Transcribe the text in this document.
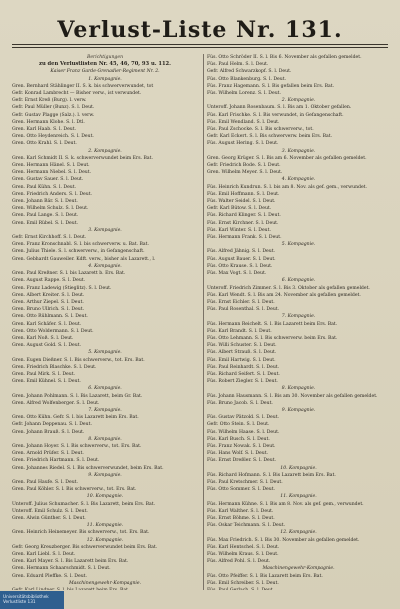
Verlust-Liste Nr. 131.
Berichtigungen
zu den Verlustlisten Nr. 45, 46, 70, 93 u. 112.
Kaiser Franz Garde-Grenadier-Regiment Nr. 2.
1. Kompagnie.
Gren. Bernhard Stählinger II. S. k. bis schwerverwundet, tot
Gefr. Konrad Lambrecht — Bisher verw., ist verwundet.
Gefr. Ernst Kreß (Burg). l. verw.
Gefr. Paul Müller (Bunz). S. l. Deut.
Gefr. Gustav Plagge (Salz.). l. verw.
Gren. Hermann Klohe. S. l. Dtl.
Gren. Karl Haab. S. l. Deut.
Gren. Otto Heydenreich. S. l. Deut.
Gren. Otto Krahl. S. l. Deut.
2. Kompagnie.
Gren. Karl Schmidt II. S. k. schwerverwundet beim Ers. Bat.
Gren. Hermann Hänel. S. l. Deut.
Gren. Hermann Niebel. S. l. Deut.
Gren. Gustav Sauer. S. l. Deut.
Gren. Paul Kühn. S. l. Deut.
Gren. Friedrich Anders. S. l. Deut.
Gren. Johann Bär. S. l. Deut.
Gren. Wilhelm Schulz. S. l. Deut.
Gren. Paul Lange. S. l. Deut.
Gren. Emil Rübel. S. l. Deut.
3. Kompagnie.
Gefr. Ernst Kirchhoff. S. l. Deut.
Gren. Franz Kronschnabl. S. l. bis schwerverw. u. Bat. Bat.
Gren. Julius Thiele. S. l. schwerverw., in Gefangenschaft.
Gren. Gebhardt Gauweiler. Kdft. verw., bisher als Lazarett., l.
4. Kompagnie.
Gren. Paul Kreßner. S. l. bis Lazarett b. Ers. Bat.
Gren. August Rappe. S. l. Deut.
Gren. Franz Ladewig (Stieglitz). S. l. Deut.
Gren. Albert Kreiter. S. l. Deut.
Gren. Arthur Ziepel. S. l. Deut.
Gren. Bruno Ullrich. S. l. Deut.
Gren. Otto Rühlmann. S. l. Deut.
Gren. Karl Schäfer. S. l. Deut.
Gren. Otto Woldermann. S. l. Deut.
Gren. Karl Noß. S. l. Deut.
Gren. August Gold. S. l. Deut.
5. Kompagnie.
Gren. Eugen Dießner. S. l. Bis schwerverw., tot. Ers. Bat.
Gren. Friedrich Blaschke. S. l. Deut.
Gren. Paul Mirk. S. l. Deut.
Gren. Emil Kühnel. S. l. Deut.
6. Kompagnie.
Gren. Johann Pohlmann. S. l. Bis Lazarett, beim Gr. Bat.
Gren. Alfred Wolfenberger. S. l. Deut.
7. Kompagnie.
Gren. Otto Kühn. Gefr. S. l. bis Lazarett beim Ers. Bat.
Gefr. Johann Deppenau. S. l. Deut.
Gren. Johann Brauß. S. l. Deut.
8. Kompagnie.
Gren. Johann Hoyer. S. l. Bis schwerverw., tot. Ers. Bat.
Gren. Arnold Prüfer. S. l. Deut.
Gren. Friedrich Hartmann. S. l. Deut.
Gren. Johannes Riedel. S. l. Bis schwerverwundet, beim Ers. Bat.
9. Kompagnie.
Gren. Paul Haufe. S. l. Deut.
Gren. Paul Köhler. S. l. Bis schwerverw., tot. Ers. Bat.
10. Kompagnie.
Unteroff. Julius Schumacher. S. l. Bis Lazarett, beim Ers. Bat.
Unteroff. Emil Schulz. S. l. Deut.
Gren. Alwin Günther. S. l. Deut.
11. Kompagnie.
Gren. Heinrich Heinemeyer. Bis schwerverw., tot. Ers. Bat.
12. Kompagnie.
Gefr. Georg Kreuzberger. Bis schwerverwundet beim Ers. Bat.
Gren. Karl Liebl. S. l. Deut.
Gren. Karl Mayer. S. l. Bis Lazarett beim Ers. Bat.
Gren. Hermann Schaarschmidt. S. l. Deut.
Gren. Eduard Pleffke. S. l. Deut.
Maschinengewehr-Kompagnie.
Füs. Otto Schröder II. S. l. Bis 6. November als gefallen gemeldet.
Füs. Paul Helm. S. l. Deut.
Gefr. Alfred Schwarzkopf. S. l. Deut.
Füs. Otto Blankenburg. S. l. Deut.
Füs. Franz Hagemann. S. l. Bis gefallen beim Ers. Bat.
Füs. Wilhelm Lorenz. S. l. Deut.
2. Kompagnie.
Unteroff. Johann Rosenbaum. S. l. Bis am 1. Oktober gefallen.
Füs. Karl Frischke. S. l. Bis verwundet, in Gefangenschaft.
Füs. Emil Wendland. S. l. Deut.
Füs. Paul Zschocke. S. l. Bis schwerverw., tot.
Gefr. Karl Eckert. S. l. Bis schwerverw. beim Ers. Bat.
Füs. August Hering. S. l. Deut.
3. Kompagnie.
Gren. Georg Krüger. S. l. Bis am 6. November als gefallen gemeldet.
Gefr. Friedrich Bode. S. l. Deut.
Gren. Wilhelm Meyer. S. l. Deut.
4. Kompagnie.
Füs. Heinrich Kundrun. S. l. bis am 8. Nov. als gef. gem., verwundet.
Füs. Emil Hoffmann. S. l. Deut.
Füs. Walter Seidel. S. l. Deut.
Gefr. Karl Bütow. S. l. Deut.
Füs. Richard Klinger. S. l. Deut.
Füs. Ernst Kirchner. S. l. Deut.
Füs. Karl Winter. S. l. Deut.
Füs. Hermann Frank. S. l. Deut.
5. Kompagnie.
Füs. Alfred Jähnig. S. l. Deut.
Füs. August Bauer. S. l. Deut.
Füs. Otto Krause. S. l. Deut.
Füs. Max Vogt. S. l. Deut.
6. Kompagnie.
Unteroff. Friedrich Zimmer. S. l. Bis 3. Oktober als gefallen gemeldet.
Füs. Karl Wendt. S. l. Bis am 24. November als gefallen gemeldet.
Füs. Ernst Eichler. S. l. Deut.
Füs. Paul Rosenthal. S. l. Deut.
7. Kompagnie.
Füs. Hermann Reichelt. S. l. Bis Lazarett beim Ers. Bat.
Füs. Karl Brandt. S. l. Deut.
Füs. Otto Lehmann. S. l. Bis schwerverw. beim Ers. Bat.
Füs. Willi Schuster. S. l. Deut.
Füs. Albert Strauß. S. l. Deut.
Füs. Emil Hartwig. S. l. Deut.
Füs. Paul Reinhardt. S. l. Deut.
Füs. Richard Seifert. S. l. Deut.
Füs. Robert Ziegler. S. l. Deut.
8. Kompagnie.
Füs. Johann Hausmann. S. l. Bis am 30. November als gefallen gemeldet.
Füs. Bruno Jacob. S. l. Deut.
9. Kompagnie.
Füs. Gustav Pätzold. S. l. Deut.
Gefr. Otto Stein. S. l. Deut.
Füs. Wilhelm Haase. S. l. Deut.
Füs. Karl Busch. S. l. Deut.
Füs. Franz Nowak. S. l. Deut.
Füs. Hans Wolf. S. l. Deut.
Füs. Ernst Dreßler. S. l. Deut.
10. Kompagnie.
Füs. Richard Hofmann. S. l. Bis Lazarett beim Ers. Bat.
Füs. Paul Kretschmer. S. l. Deut.
Füs. Otto Sommer. S. l. Deut.
11. Kompagnie.
Füs. Hermann Kühne. S. l. Bis am 8. Nov. als gef. gem., verwundet.
Füs. Karl Walther. S. l. Deut.
Füs. Ernst Böhme. S. l. Deut.
Füs. Oskar Teichmann. S. l. Deut.
12. Kompagnie.
Füs. Max Friedrich. S. l. Bis 30. November als gefallen gemeldet.
Füs. Karl Hentschel. S. l. Deut.
Füs. Wilhelm Kraus. S. l. Deut.
Füs. Alfred Pohl. S. l. Deut.
Maschinengewehr-Kompagnie.
Füs. Otto Pfeiffer. S. l. Bis Lazarett beim Ers. Bat.
Füs. Emil Schreiber. S. l. Deut.
Universitätsbibliothek
Verlustliste 131
